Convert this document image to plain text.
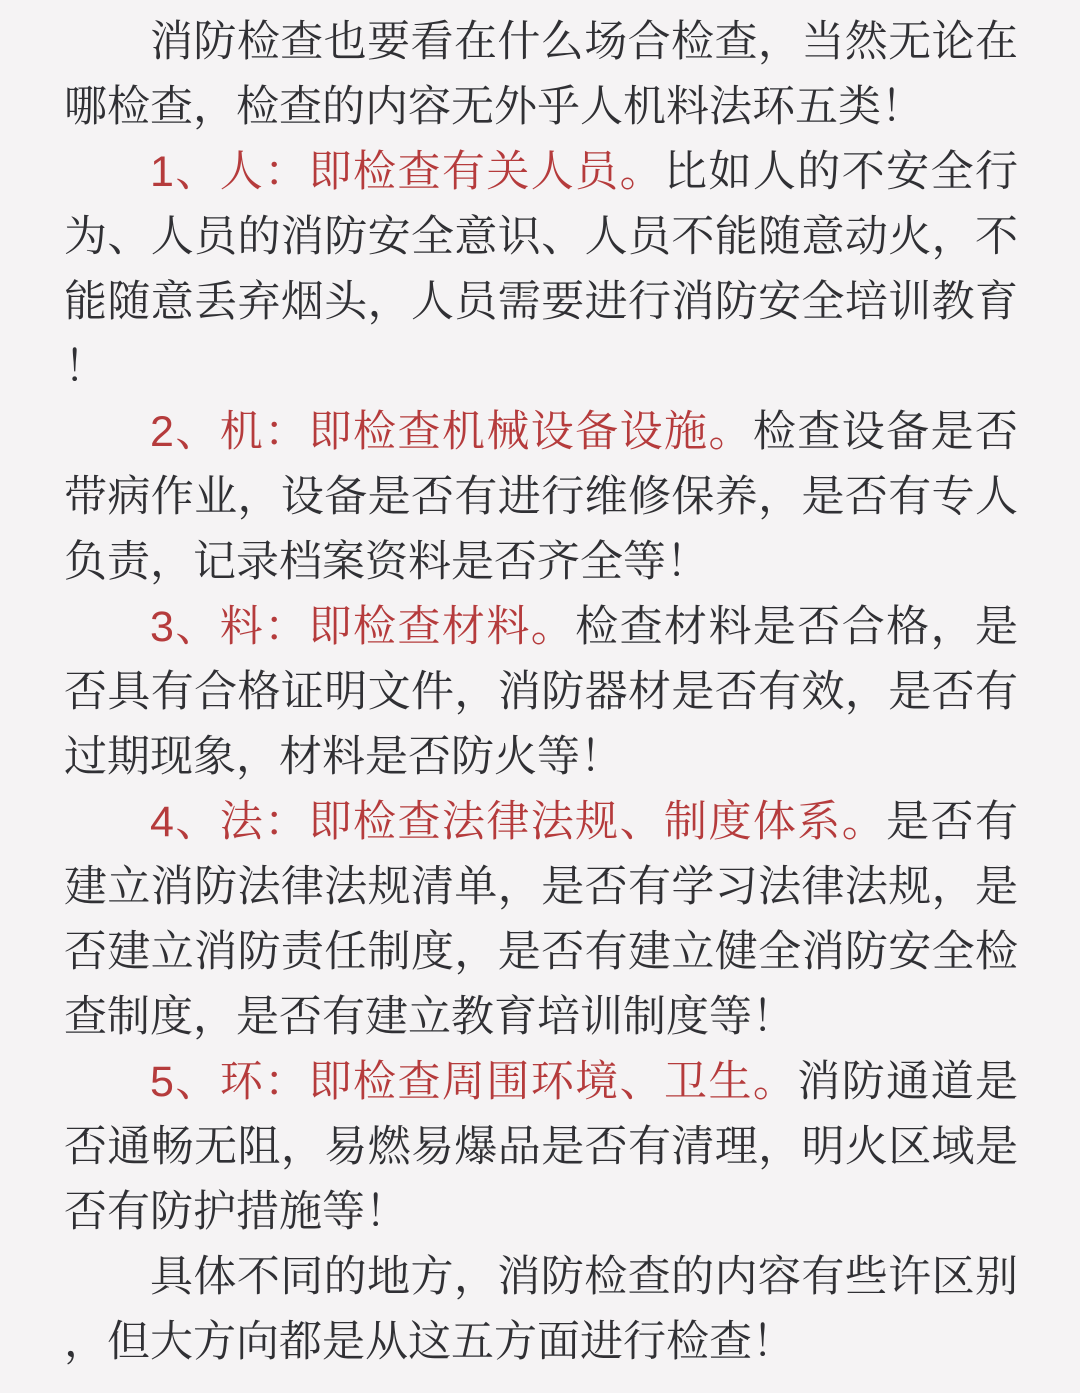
消防检查也要看在什么场合检查，当然无论在哪检查，检查的内容无外乎人机料法环五类！

1、人：即检查有关人员。比如人的不安全行为、人员的消防安全意识、人员不能随意动火，不能随意丢弃烟头，人员需要进行消防安全培训教育！

2、机：即检查机械设备设施。检查设备是否带病作业，设备是否有进行维修保养，是否有专人负责，记录档案资料是否齐全等！

3、料：即检查材料。检查材料是否合格，是否具有合格证明文件，消防器材是否有效，是否有过期现象，材料是否防火等！

4、法：即检查法律法规、制度体系。是否有建立消防法律法规清单，是否有学习法律法规，是否建立消防责任制度，是否有建立健全消防安全检查制度，是否有建立教育培训制度等！

5、环：即检查周围环境、卫生。消防通道是否通畅无阻，易燃易爆品是否有清理，明火区域是否有防护措施等！

具体不同的地方，消防检查的内容有些许区别，但大方向都是从这五方面进行检查！
